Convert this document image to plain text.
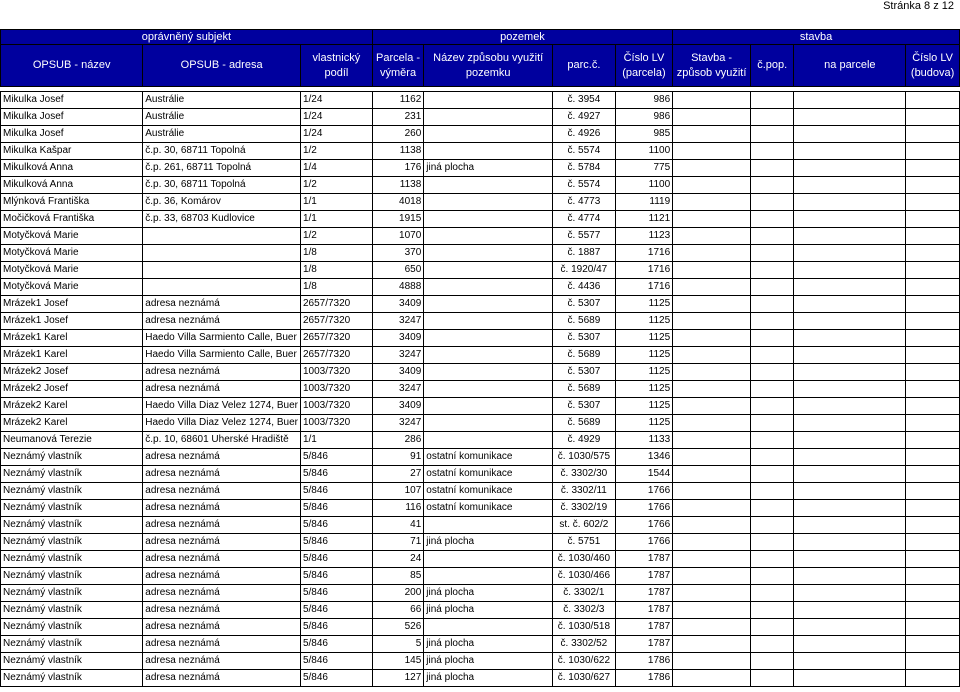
Stránka 8 z 12
oprávněný subjekt			pozemek				stavba			
OPSUB - název	OPSUB - adresa	vlastnický podíl	Parcela - výměra	Název způsobu využití pozemku	parc.č.	Číslo LV (parcela)	Stavba - způsob využití	č.pop.	na parcele	Číslo LV (budova)

Mikulka Josef	Austrálie	1/24	1162		č. 3954	986				
Mikulka Josef	Austrálie	1/24	231		č. 4927	986				
Mikulka Josef	Austrálie	1/24	260		č. 4926	985				
Mikulka Kašpar	č.p. 30, 68711 Topolná	1/2	1138		č. 5574	1100				
Mikulková Anna	č.p. 261, 68711 Topolná	1/4	176	jiná plocha	č. 5784	775				
Mikulková Anna	č.p. 30, 68711 Topolná	1/2	1138		č. 5574	1100				
Mlýnková Františka	č.p. 36, Komárov	1/1	4018		č. 4773	1119				
Močičková Františka	č.p. 33, 68703 Kudlovice	1/1	1915		č. 4774	1121				
Motyčková Marie		1/2	1070		č. 5577	1123				
Motyčková Marie		1/8	370		č. 1887	1716				
Motyčková Marie		1/8	650		č. 1920/47	1716				
Motyčková Marie		1/8	4888		č. 4436	1716				
Mrázek1 Josef	adresa neznámá	2657/7320	3409		č. 5307	1125				
Mrázek1 Josef	adresa neznámá	2657/7320	3247		č. 5689	1125				
Mrázek1 Karel	Haedo Villa Sarmiento Calle, Buer	2657/7320	3409		č. 5307	1125				
Mrázek1 Karel	Haedo Villa Sarmiento Calle, Buer	2657/7320	3247		č. 5689	1125				
Mrázek2 Josef	adresa neznámá	1003/7320	3409		č. 5307	1125				
Mrázek2 Josef	adresa neznámá	1003/7320	3247		č. 5689	1125				
Mrázek2 Karel	Haedo Villa Diaz Velez 1274, Buer	1003/7320	3409		č. 5307	1125				
Mrázek2 Karel	Haedo Villa Diaz Velez 1274, Buer	1003/7320	3247		č. 5689	1125				
Neumanová Terezie	č.p. 10, 68601 Uherské Hradiště	1/1	286		č. 4929	1133				
Neznámý vlastník	adresa neznámá	5/846	91	ostatní komunikace	č. 1030/575	1346				
Neznámý vlastník	adresa neznámá	5/846	27	ostatní komunikace	č. 3302/30	1544				
Neznámý vlastník	adresa neznámá	5/846	107	ostatní komunikace	č. 3302/11	1766				
Neznámý vlastník	adresa neznámá	5/846	116	ostatní komunikace	č. 3302/19	1766				
Neznámý vlastník	adresa neznámá	5/846	41		st. č. 602/2	1766				
Neznámý vlastník	adresa neznámá	5/846	71	jiná plocha	č. 5751	1766				
Neznámý vlastník	adresa neznámá	5/846	24		č. 1030/460	1787				
Neznámý vlastník	adresa neznámá	5/846	85		č. 1030/466	1787				
Neznámý vlastník	adresa neznámá	5/846	200	jiná plocha	č. 3302/1	1787				
Neznámý vlastník	adresa neznámá	5/846	66	jiná plocha	č. 3302/3	1787				
Neznámý vlastník	adresa neznámá	5/846	526		č. 1030/518	1787				
Neznámý vlastník	adresa neznámá	5/846	5	jiná plocha	č. 3302/52	1787				
Neznámý vlastník	adresa neznámá	5/846	145	jiná plocha	č. 1030/622	1786				
Neznámý vlastník	adresa neznámá	5/846	127	jiná plocha	č. 1030/627	1786				
